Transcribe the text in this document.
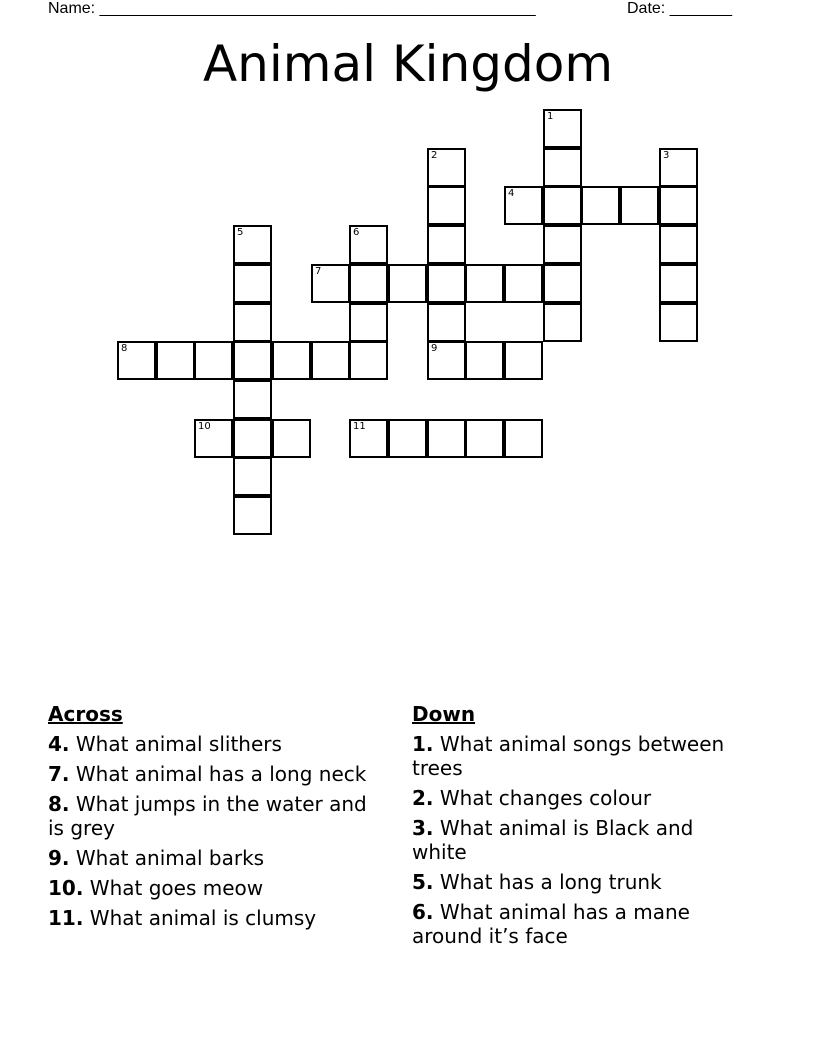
Name: _________________________________________________	Date: _______
Animal Kingdom
1
2
9
3
4
5	6
7
8
10	11
Across
4. What animal slithers
7. What animal has a long neck
8. What jumps in the water and is grey
9. What animal barks
10. What goes meow
11. What animal is clumsy
Down
1. What animal songs between trees
2. What changes colour
3. What animal is Black and white
5. What has a long trunk
6. What animal has a mane around it’s face
